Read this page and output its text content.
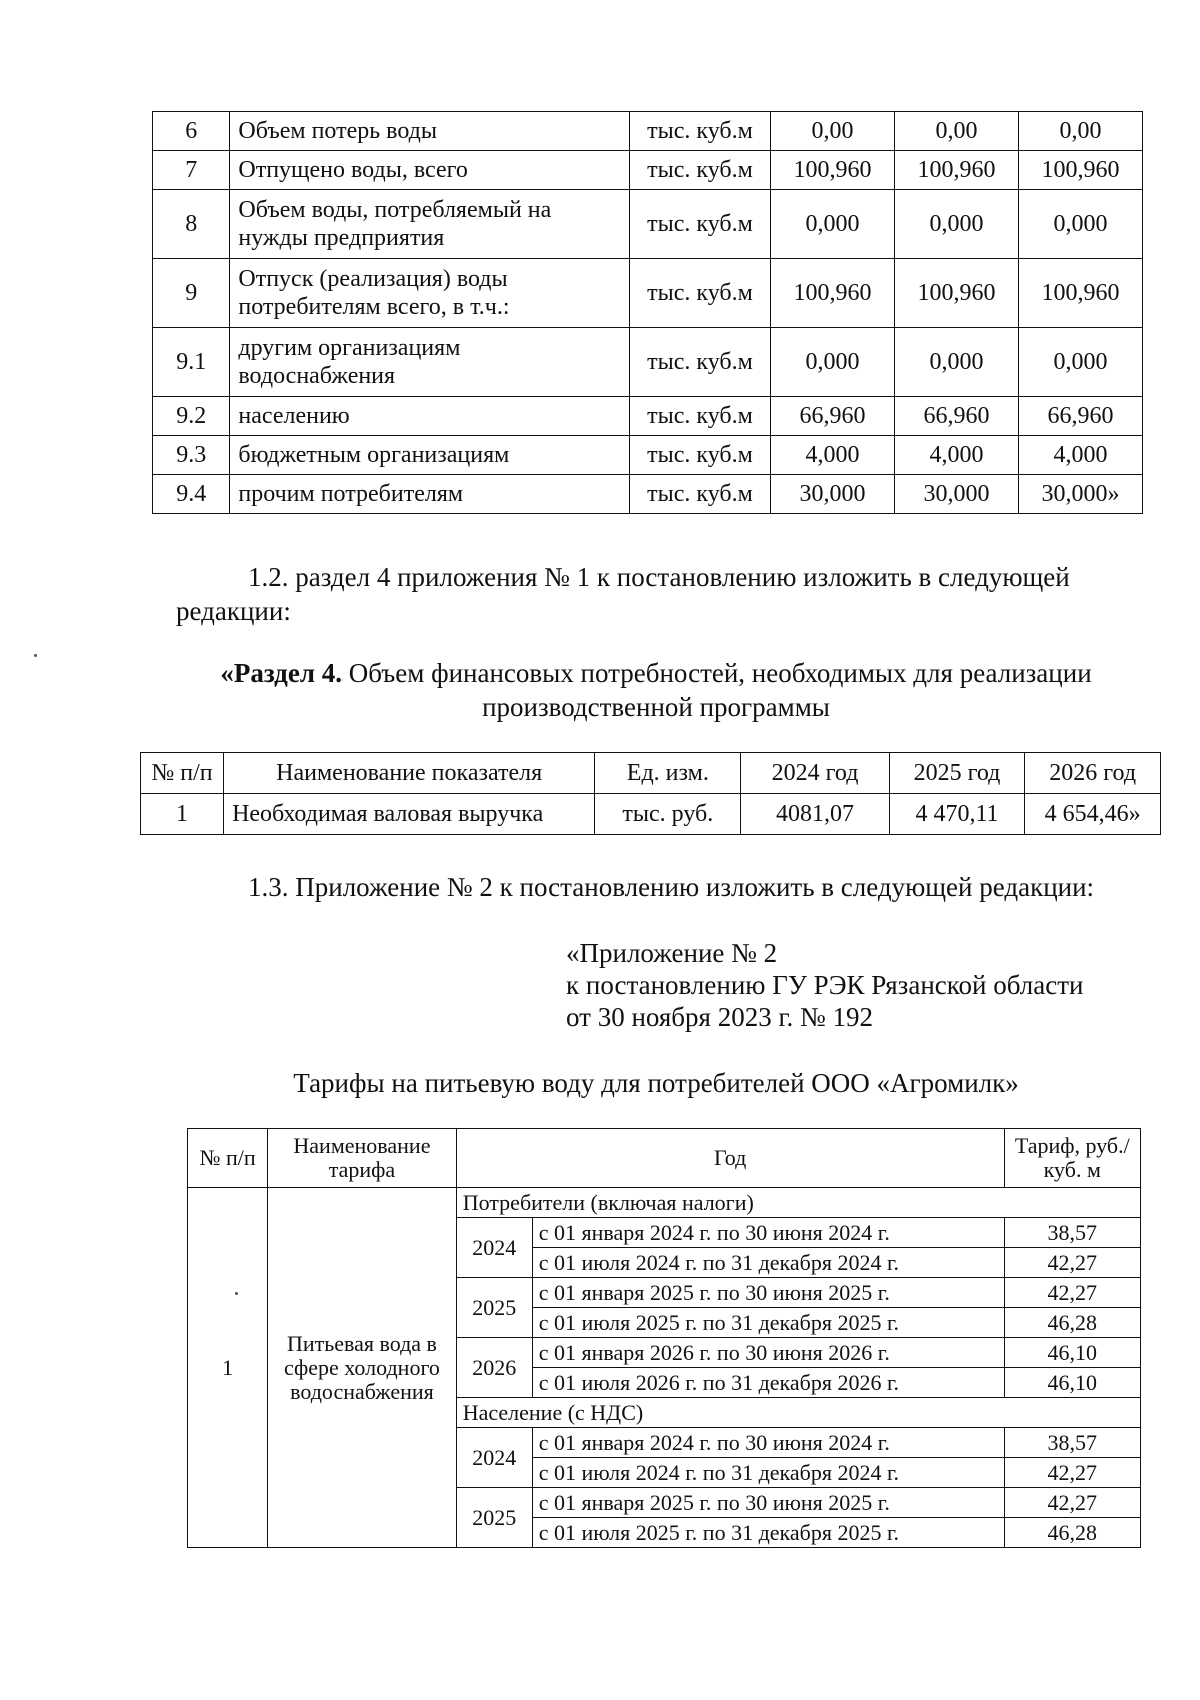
6	Объем потерь воды	тыс. куб.м	0,00	0,00	0,00
7	Отпущено воды, всего	тыс. куб.м	100,960	100,960	100,960
8	Объем воды, потребляемый на нужды предприятия	тыс. куб.м	0,000	0,000	0,000
9	Отпуск (реализация) воды потребителям всего, в т.ч.:	тыс. куб.м	100,960	100,960	100,960
9.1	другим организациям водоснабжения	тыс. куб.м	0,000	0,000	0,000
9.2	населению	тыс. куб.м	66,960	66,960	66,960
9.3	бюджетным организациям	тыс. куб.м	4,000	4,000	4,000
9.4	прочим потребителям	тыс. куб.м	30,000	30,000	30,000»

1.2. раздел 4 приложения № 1 к постановлению изложить в следующей редакции:

«Раздел 4. Объем финансовых потребностей, необходимых для реализации производственной программы

№ п/п	Наименование показателя	Ед. изм.	2024 год	2025 год	2026 год
1	Необходимая валовая выручка	тыс. руб.	4081,07	4 470,11	4 654,46»

1.3. Приложение № 2 к постановлению изложить в следующей редакции:

«Приложение № 2
к постановлению ГУ РЭК Рязанской области
от 30 ноября 2023 г. № 192

Тарифы на питьевую воду для потребителей ООО «Агромилк»

№ п/п	Наименование тарифа	Год		Тариф, руб./куб. м
1	Питьевая вода в сфере холодного водоснабжения	Потребители (включая налоги)		
		2024	с 01 января 2024 г. по 30 июня 2024 г.	38,57
			с 01 июля 2024 г. по 31 декабря 2024 г.	42,27
		2025	с 01 января 2025 г. по 30 июня 2025 г.	42,27
			с 01 июля 2025 г. по 31 декабря 2025 г.	46,28
		2026	с 01 января 2026 г. по 30 июня 2026 г.	46,10
			с 01 июля 2026 г. по 31 декабря 2026 г.	46,10
		Население (с НДС)		
		2024	с 01 января 2024 г. по 30 июня 2024 г.	38,57
			с 01 июля 2024 г. по 31 декабря 2024 г.	42,27
		2025	с 01 января 2025 г. по 30 июня 2025 г.	42,27
			с 01 июля 2025 г. по 31 декабря 2025 г.	46,28
